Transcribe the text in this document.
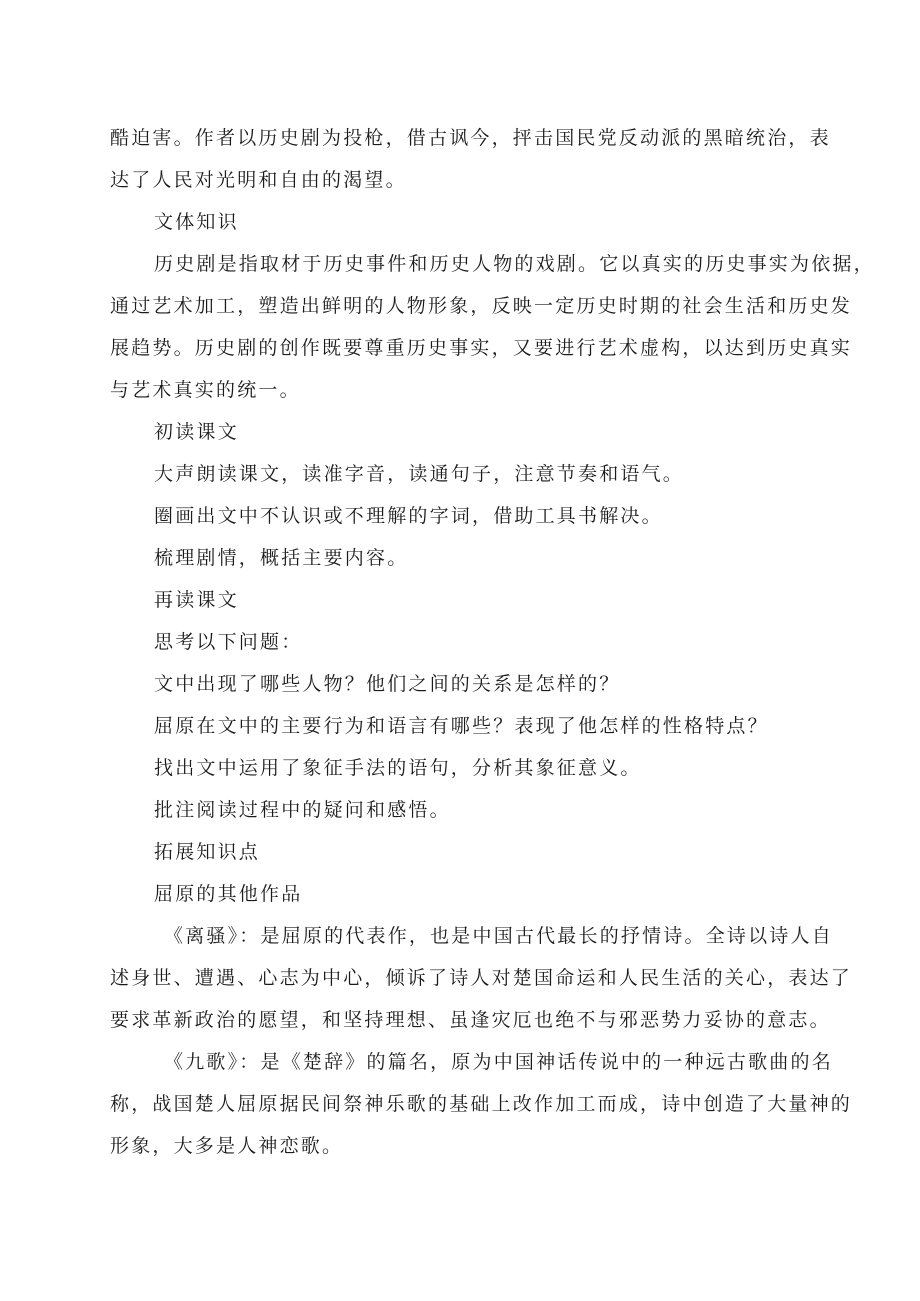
酷迫害。作者以历史剧为投枪，借古讽今，抨击国民党反动派的黑暗统治，表
达了人民对光明和自由的渴望。
文体知识
历史剧是指取材于历史事件和历史人物的戏剧。它以真实的历史事实为依据，
通过艺术加工，塑造出鲜明的人物形象，反映一定历史时期的社会生活和历史发
展趋势。历史剧的创作既要尊重历史事实，又要进行艺术虚构，以达到历史真实
与艺术真实的统一。
初读课文
大声朗读课文，读准字音，读通句子，注意节奏和语气。
圈画出文中不认识或不理解的字词，借助工具书解决。
梳理剧情，概括主要内容。
再读课文
思考以下问题：
文中出现了哪些人物？他们之间的关系是怎样的？
屈原在文中的主要行为和语言有哪些？表现了他怎样的性格特点？
找出文中运用了象征手法的语句，分析其象征意义。
批注阅读过程中的疑问和感悟。
拓展知识点
屈原的其他作品
《离骚》：是屈原的代表作，也是中国古代最长的抒情诗。全诗以诗人自
述身世、遭遇、心志为中心，倾诉了诗人对楚国命运和人民生活的关心，表达了
要求革新政治的愿望，和坚持理想、虽逢灾厄也绝不与邪恶势力妥协的意志。
《九歌》：是《楚辞》的篇名，原为中国神话传说中的一种远古歌曲的名
称，战国楚人屈原据民间祭神乐歌的基础上改作加工而成，诗中创造了大量神的
形象，大多是人神恋歌。
